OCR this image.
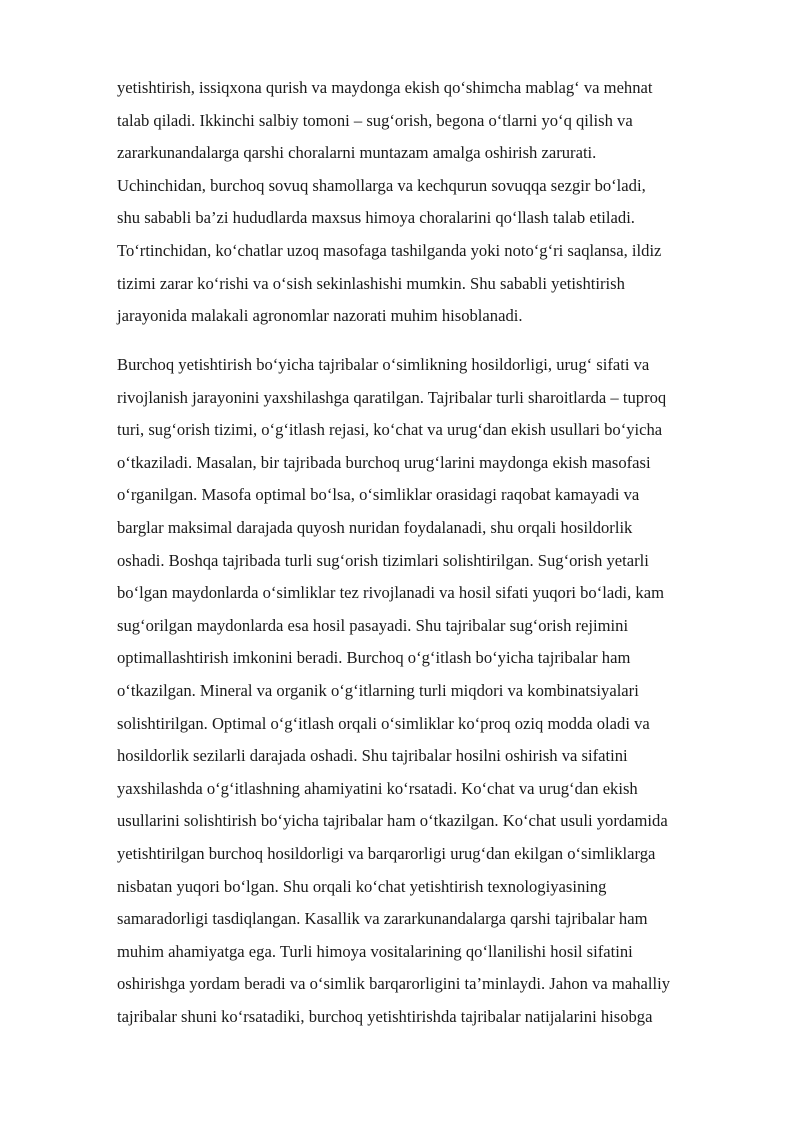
yetishtirish, issiqxona qurish va maydonga ekish qo‘shimcha mablag‘ va mehnat
talab qiladi. Ikkinchi salbiy tomoni – sug‘orish, begona o‘tlarni yo‘q qilish va
zararkunandalarga qarshi choralarni muntazam amalga oshirish zarurati.
Uchinchidan, burchoq sovuq shamollarga va kechqurun sovuqqa sezgir bo‘ladi,
shu sababli ba’zi hududlarda maxsus himoya choralarini qo‘llash talab etiladi.
To‘rtinchidan, ko‘chatlar uzoq masofaga tashilganda yoki noto‘g‘ri saqlansa, ildiz
tizimi zarar ko‘rishi va o‘sish sekinlashishi mumkin. Shu sababli yetishtirish
jarayonida malakali agronomlar nazorati muhim hisoblanadi.
Burchoq yetishtirish bo‘yicha tajribalar o‘simlikning hosildorligi, urug‘ sifati va
rivojlanish jarayonini yaxshilashga qaratilgan. Tajribalar turli sharoitlarda – tuproq
turi, sug‘orish tizimi, o‘g‘itlash rejasi, ko‘chat va urug‘dan ekish usullari bo‘yicha
o‘tkaziladi. Masalan, bir tajribada burchoq urug‘larini maydonga ekish masofasi
o‘rganilgan. Masofa optimal bo‘lsa, o‘simliklar orasidagi raqobat kamayadi va
barglar maksimal darajada quyosh nuridan foydalanadi, shu orqali hosildorlik
oshadi. Boshqa tajribada turli sug‘orish tizimlari solishtirilgan. Sug‘orish yetarli
bo‘lgan maydonlarda o‘simliklar tez rivojlanadi va hosil sifati yuqori bo‘ladi, kam
sug‘orilgan maydonlarda esa hosil pasayadi. Shu tajribalar sug‘orish rejimini
optimallashtirish imkonini beradi. Burchoq o‘g‘itlash bo‘yicha tajribalar ham
o‘tkazilgan. Mineral va organik o‘g‘itlarning turli miqdori va kombinatsiyalari
solishtirilgan. Optimal o‘g‘itlash orqali o‘simliklar ko‘proq oziq modda oladi va
hosildorlik sezilarli darajada oshadi. Shu tajribalar hosilni oshirish va sifatini
yaxshilashda o‘g‘itlashning ahamiyatini ko‘rsatadi. Ko‘chat va urug‘dan ekish
usullarini solishtirish bo‘yicha tajribalar ham o‘tkazilgan. Ko‘chat usuli yordamida
yetishtirilgan burchoq hosildorligi va barqarorligi urug‘dan ekilgan o‘simliklarga
nisbatan yuqori bo‘lgan. Shu orqali ko‘chat yetishtirish texnologiyasining
samaradorligi tasdiqlangan. Kasallik va zararkunandalarga qarshi tajribalar ham
muhim ahamiyatga ega. Turli himoya vositalarining qo‘llanilishi hosil sifatini
oshirishga yordam beradi va o‘simlik barqarorligini ta’minlaydi. Jahon va mahalliy
tajribalar shuni ko‘rsatadiki, burchoq yetishtirishda tajribalar natijalarini hisobga
